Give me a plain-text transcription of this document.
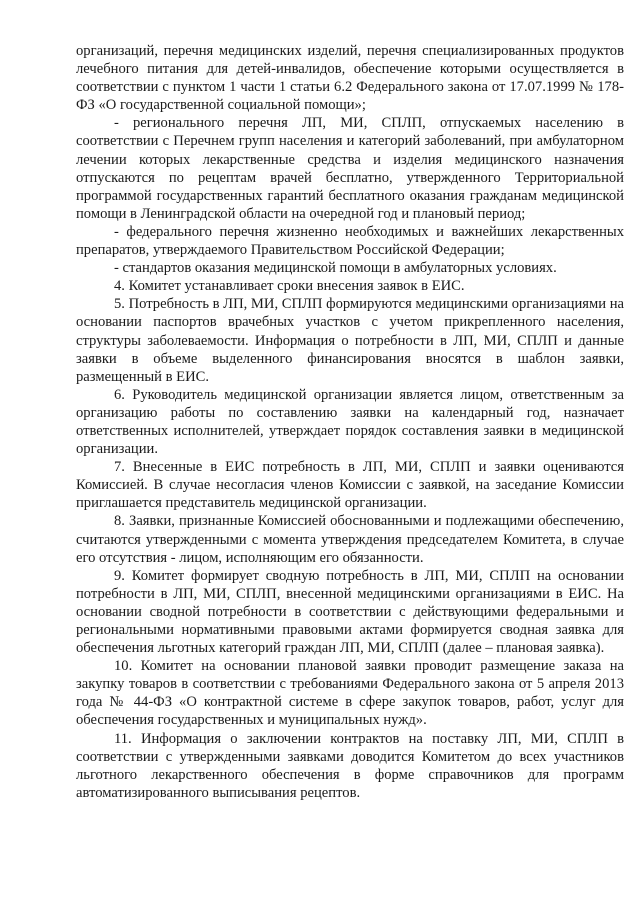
организаций, перечня медицинских изделий, перечня специализированных продуктов лечебного питания для детей-инвалидов, обеспечение которыми осуществляется в соответствии с пунктом 1 части 1 статьи 6.2 Федерального закона от 17.07.1999 № 178-ФЗ «О государственной социальной помощи»;

- регионального перечня ЛП, МИ, СПЛП, отпускаемых населению в соответствии с Перечнем групп населения и категорий заболеваний, при амбулаторном лечении которых лекарственные средства и изделия медицинского назначения отпускаются по рецептам врачей бесплатно, утвержденного Территориальной программой государственных гарантий бесплатного оказания гражданам медицинской помощи в Ленинградской области на очередной год и плановый период;

- федерального перечня жизненно необходимых и важнейших лекарственных препаратов, утверждаемого Правительством Российской Федерации;

- стандартов оказания медицинской помощи в амбулаторных условиях.

4. Комитет устанавливает сроки внесения заявок в ЕИС.

5. Потребность в ЛП, МИ, СПЛП формируются медицинскими организациями на основании паспортов врачебных участков с учетом прикрепленного населения, структуры заболеваемости. Информация о потребности в ЛП, МИ, СПЛП и данные заявки в объеме выделенного финансирования вносятся в шаблон заявки, размещенный в ЕИС.

6. Руководитель медицинской организации является лицом, ответственным за организацию работы по составлению заявки на календарный год, назначает ответственных исполнителей, утверждает порядок составления заявки в медицинской организации.

7. Внесенные в ЕИС потребность в ЛП, МИ, СПЛП и заявки оцениваются Комиссией. В случае несогласия членов Комиссии с заявкой, на заседание Комиссии приглашается представитель медицинской организации.

8. Заявки, признанные Комиссией обоснованными и подлежащими обеспечению, считаются утвержденными с момента утверждения председателем Комитета, в случае его отсутствия - лицом, исполняющим его обязанности.

9. Комитет формирует сводную потребность в ЛП, МИ, СПЛП на основании потребности в ЛП, МИ, СПЛП, внесенной медицинскими организациями в ЕИС. На основании сводной потребности в соответствии с действующими федеральными и региональными нормативными правовыми актами формируется сводная заявка для обеспечения льготных категорий граждан ЛП, МИ, СПЛП (далее – плановая заявка).

10. Комитет на основании плановой заявки проводит размещение заказа на закупку товаров в соответствии с требованиями Федерального закона от 5 апреля 2013 года № 44-ФЗ «О контрактной системе в сфере закупок товаров, работ, услуг для обеспечения государственных и муниципальных нужд».

11. Информация о заключении контрактов на поставку ЛП, МИ, СПЛП в соответствии с утвержденными заявками доводится Комитетом до всех участников льготного лекарственного обеспечения в форме справочников для программ автоматизированного выписывания рецептов.
